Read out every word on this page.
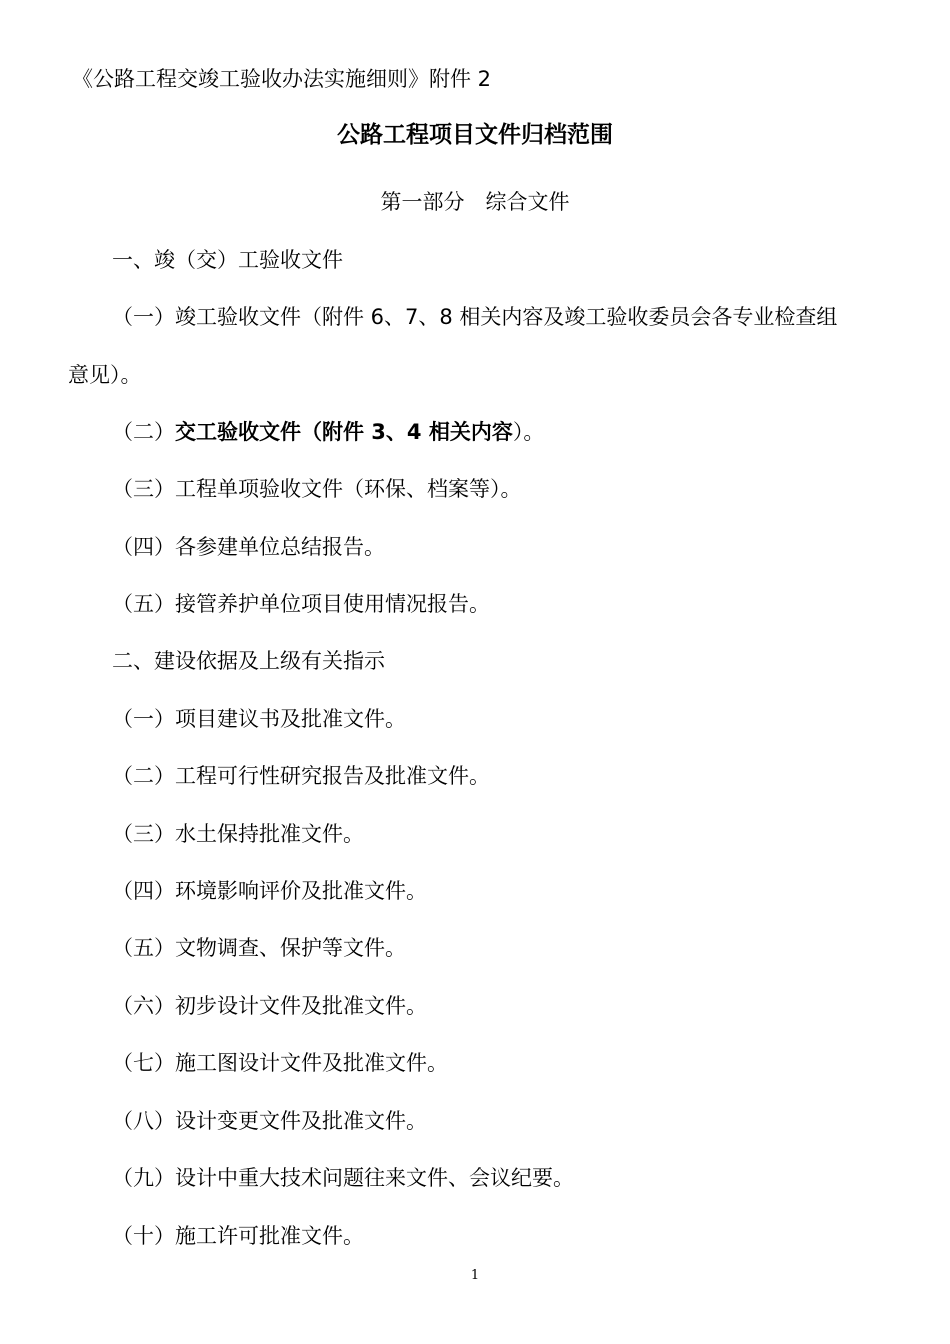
《公路工程交竣工验收办法实施细则》附件 2
公路工程项目文件归档范围
第一部分　综合文件
一、竣（交）工验收文件
（一）竣工验收文件（附件 6、7、8 相关内容及竣工验收委员会各专业检查组
意见）。
（二）交工验收文件（附件 3、4 相关内容）。
（三）工程单项验收文件（环保、档案等）。
（四）各参建单位总结报告。
（五）接管养护单位项目使用情况报告。
二、建设依据及上级有关指示
（一）项目建议书及批准文件。
（二）工程可行性研究报告及批准文件。
（三）水土保持批准文件。
（四）环境影响评价及批准文件。
（五）文物调查、保护等文件。
（六）初步设计文件及批准文件。
（七）施工图设计文件及批准文件。
（八）设计变更文件及批准文件。
（九）设计中重大技术问题往来文件、会议纪要。
（十）施工许可批准文件。
1
